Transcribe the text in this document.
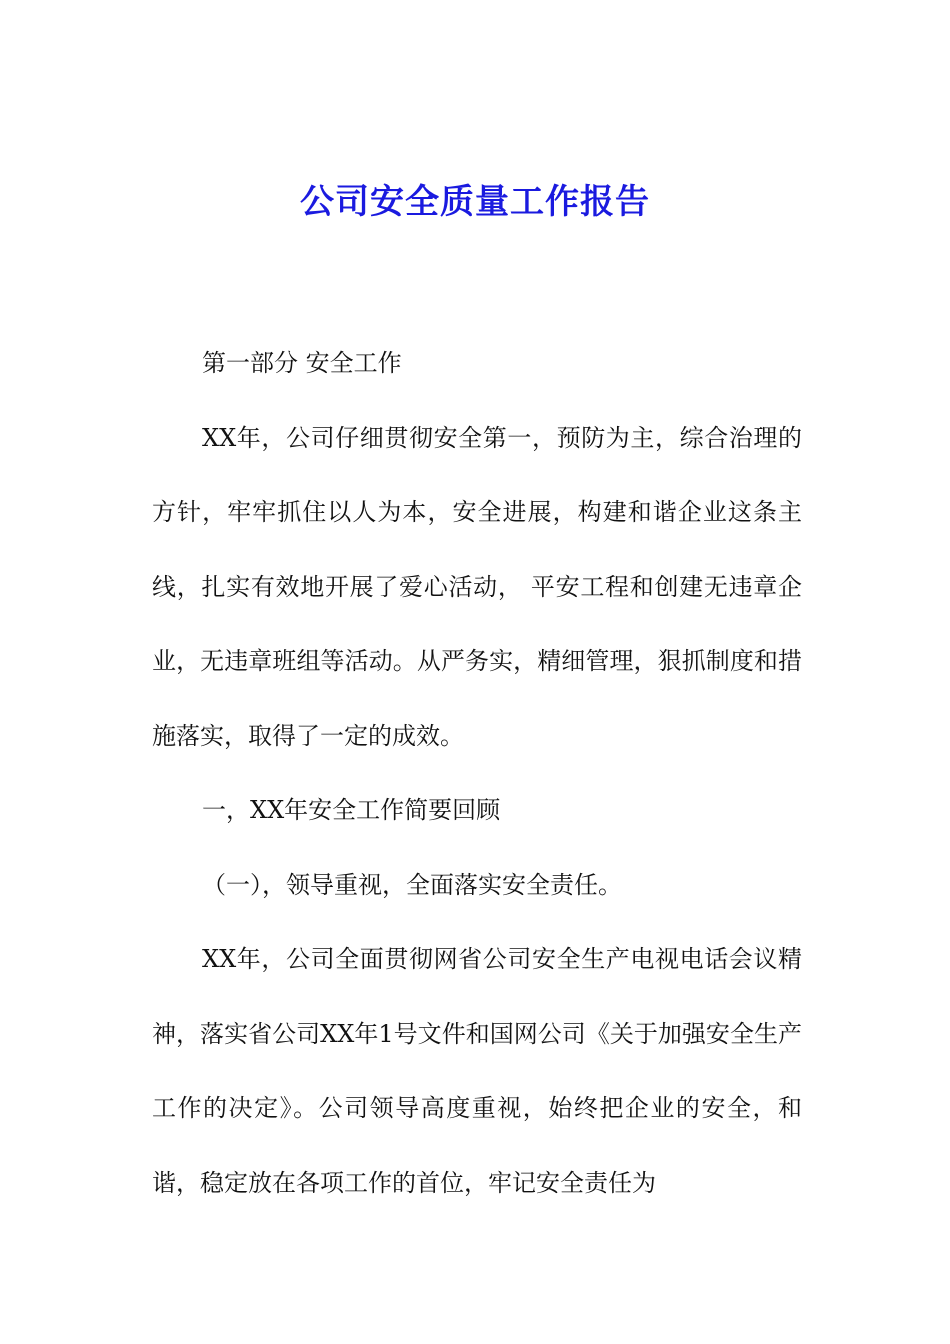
公司安全质量工作报告

第一部分 安全工作

XX年，公司仔细贯彻安全第一，预防为主，综合治理的方针，牢牢抓住以人为本，安全进展，构建和谐企业这条主线，扎实有效地开展了爱心活动， 平安工程和创建无违章企业，无违章班组等活动。从严务实，精细管理，狠抓制度和措施落实，取得了一定的成效。

一，XX年安全工作简要回顾

（一），领导重视，全面落实安全责任。

XX年，公司全面贯彻网省公司安全生产电视电话会议精神，落实省公司XX年1号文件和国网公司《关于加强安全生产工作的决定》。公司领导高度重视，始终把企业的安全，和谐，稳定放在各项工作的首位，牢记安全责任为
